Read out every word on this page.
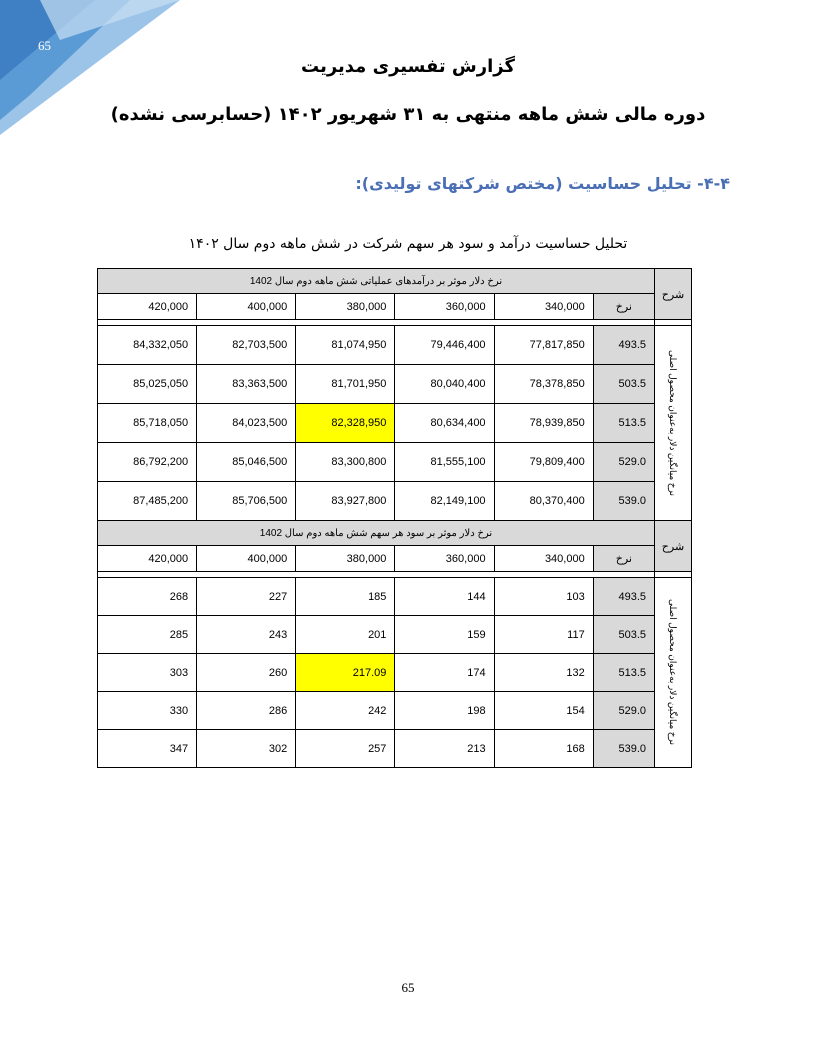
65
گزارش تفسیری مدیریت
دوره مالی شش ماهه منتهی به ۳۱ شهریور ۱۴۰۲ (حسابرسی نشده)
۴-۴- تحلیل حساسیت (مختص شرکتهای تولیدی):
تحلیل حساسیت درآمد و سود هر سهم شرکت در شش ماهه دوم سال ۱۴۰۲
نرخ دلار موثر بر درآمدهای عملیاتی شش ماهه دوم سال 1402						شرح
420,000	400,000	380,000	360,000	340,000	نرخ	

84,332,050	82,703,500	81,074,950	79,446,400	77,817,850	493.5	نرخ میانگین دلار به‌عنوان محصول اصلی

85,025,050	83,363,500	81,701,950	80,040,400	78,378,850	503.5	
85,718,050	84,023,500	82,328,950	80,634,400	78,939,850	513.5	
86,792,200	85,046,500	83,300,800	81,555,100	79,809,400	529.0	
87,485,200	85,706,500	83,927,800	82,149,100	80,370,400	539.0	
نرخ دلار موثر بر سود هر سهم شش ماهه دوم سال 1402						شرح
420,000	400,000	380,000	360,000	340,000	نرخ	

268	227	185	144	103	493.5	نرخ میانگین دلار به‌عنوان محصول اصلی

285	243	201	159	117	503.5	
303	260	217.09	174	132	513.5	
330	286	242	198	154	529.0	
347	302	257	213	168	539.0	
65
